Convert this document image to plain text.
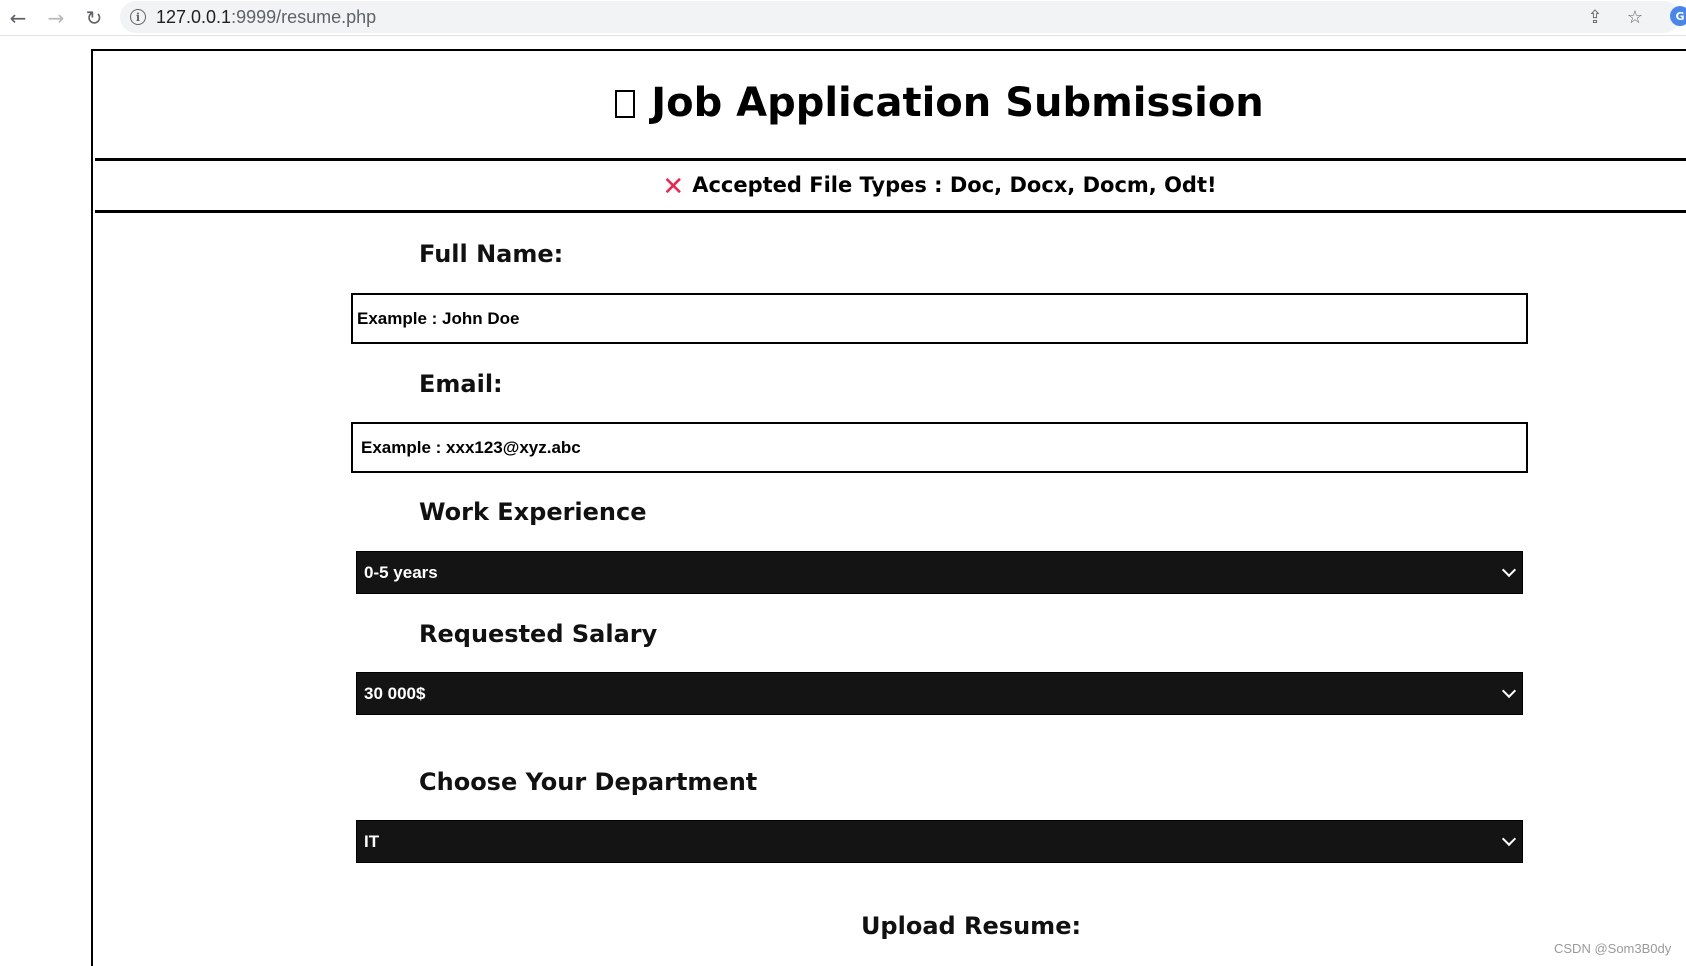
← → ↻	i 127.0.0.1:9999/resume.php	⇪	☆	G
Job Application Submission
✕ Accepted File Types : Doc, Docx, Docm, Odt!
Full Name:
Example : John Doe
Email:
Example : xxx123@xyz.abc
Work Experience
0-5 years
Requested Salary
30 000$
Choose Your Department
IT
Upload Resume:
CSDN @Som3B0dy
